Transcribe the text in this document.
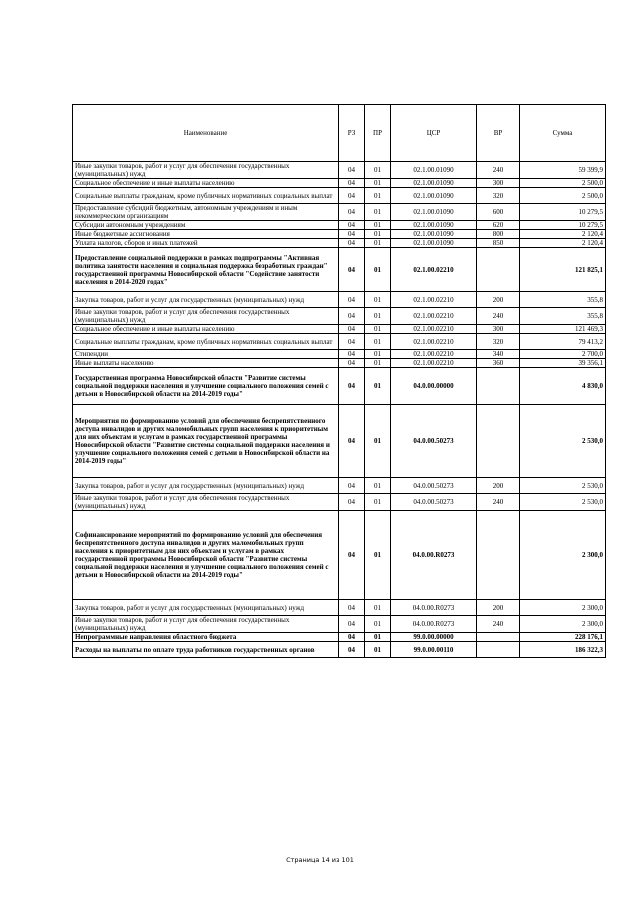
Наименование	РЗ	ПР	ЦСР	ВР	Сумма
Иные закупки товаров, работ и услуг для обеспечения государственных (муниципальных) нужд	04	01	02.1.00.01090	240	59 399,9
Социальное обеспечение и иные выплаты населению	04	01	02.1.00.01090	300	2 500,0
Социальные выплаты гражданам, кроме публичных нормативных социальных выплат	04	01	02.1.00.01090	320	2 500,0
Предоставление субсидий бюджетным, автономным учреждениям и иным некоммерческим организациям	04	01	02.1.00.01090	600	10 279,5
Субсидии автономным учреждениям	04	01	02.1.00.01090	620	10 279,5
Иные бюджетные ассигнования	04	01	02.1.00.01090	800	2 120,4
Уплата налогов, сборов и иных платежей	04	01	02.1.00.01090	850	2 120,4
Предоставление социальной поддержки в рамках подпрограммы "Активная политика занятости населения и социальная поддержка безработных граждан" государственной программы Новосибирской области "Содействие занятости населения в 2014-2020 годах"	04	01	02.1.00.02210		121 825,1
Закупка товаров, работ и услуг для государственных (муниципальных) нужд	04	01	02.1.00.02210	200	355,8
Иные закупки товаров, работ и услуг для обеспечения государственных (муниципальных) нужд	04	01	02.1.00.02210	240	355,8
Социальное обеспечение и иные выплаты населению	04	01	02.1.00.02210	300	121 469,3
Социальные выплаты гражданам, кроме публичных нормативных социальных выплат	04	01	02.1.00.02210	320	79 413,2
Стипендии	04	01	02.1.00.02210	340	2 700,0
Иные выплаты населению	04	01	02.1.00.02210	360	39 356,1
Государственная программа Новосибирской области "Развитие системы социальной поддержки населения и улучшение социального положения семей с детьми в Новосибирской области на 2014-2019 годы"	04	01	04.0.00.00000		4 830,0
Мероприятия по формированию условий для обеспечения беспрепятственного доступа инвалидов и других маломобильных групп населения к приоритетным для них объектам и услугам в рамках государственной программы Новосибирской области "Развитие системы социальной поддержки населения и улучшение социального положения семей с детьми в Новосибирской области на 2014-2019 годы"	04	01	04.0.00.50273		2 530,0
Закупка товаров, работ и услуг для государственных (муниципальных) нужд	04	01	04.0.00.50273	200	2 530,0
Иные закупки товаров, работ и услуг для обеспечения государственных (муниципальных) нужд	04	01	04.0.00.50273	240	2 530,0
Софинансирование мероприятий по формированию условий для обеспечения беспрепятственного доступа инвалидов и других маломобильных групп населения к приоритетным для них объектам и услугам в рамках государственной программы Новосибирской области "Развитие системы социальной поддержки населения и улучшение социального положения семей с детьми в Новосибирской области на 2014-2019 годы"	04	01	04.0.00.R0273		2 300,0
Закупка товаров, работ и услуг для государственных (муниципальных) нужд	04	01	04.0.00.R0273	200	2 300,0
Иные закупки товаров, работ и услуг для обеспечения государственных (муниципальных) нужд	04	01	04.0.00.R0273	240	2 300,0
Непрограммные направления областного бюджета	04	01	99.0.00.00000		228 176,1
Расходы на выплаты по оплате труда работников государственных органов	04	01	99.0.00.00110		186 322,3
Страница 14 из 101
